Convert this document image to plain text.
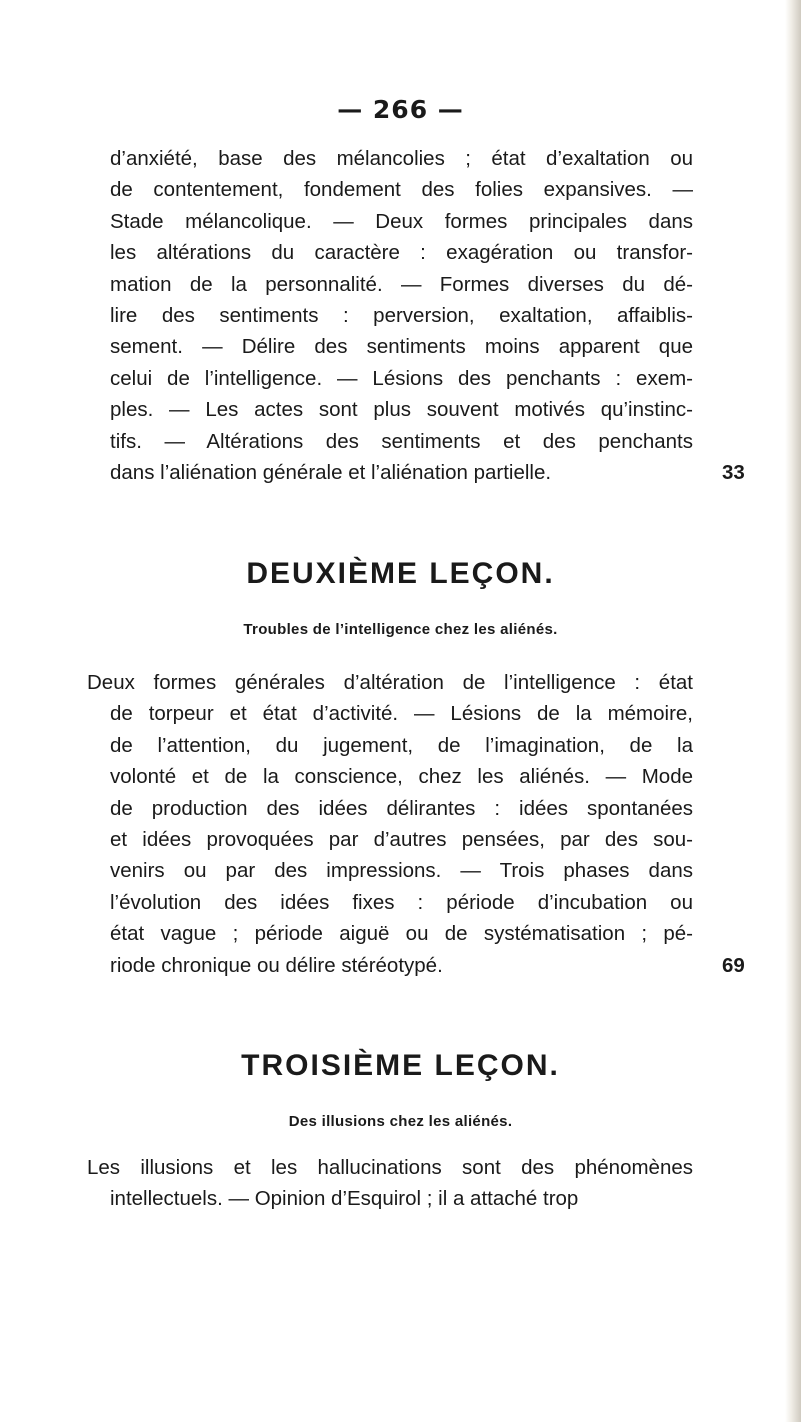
— 266 —
d’anxiété, base des mélancolies ; état d’exaltation ou
de contentement, fondement des folies expansives. —
Stade mélancolique. — Deux formes principales dans
les altérations du caractère : exagération ou transfor-
mation de la personnalité. — Formes diverses du dé-
lire des sentiments : perversion, exaltation, affaiblis-
sement. — Délire des sentiments moins apparent que
celui de l’intelligence. — Lésions des penchants : exem-
ples. — Les actes sont plus souvent motivés qu’instinc-
tifs. — Altérations des sentiments et des penchants
dans l’aliénation générale et l’aliénation partielle.	33
DEUXIÈME LEÇON.
Troubles de l’intelligence chez les aliénés.
Deux formes générales d’altération de l’intelligence : état
de torpeur et état d’activité. — Lésions de la mémoire,
de l’attention, du jugement, de l’imagination, de la
volonté et de la conscience, chez les aliénés. — Mode
de production des idées délirantes : idées spontanées
et idées provoquées par d’autres pensées, par des sou-
venirs ou par des impressions. — Trois phases dans
l’évolution des idées fixes : période d’incubation ou
état vague ; période aiguë ou de systématisation ; pé-
riode chronique ou délire stéréotypé.	69
TROISIÈME LEÇON.
Des illusions chez les aliénés.
Les illusions et les hallucinations sont des phénomènes
intellectuels. — Opinion d’Esquirol ; il a attaché trop
